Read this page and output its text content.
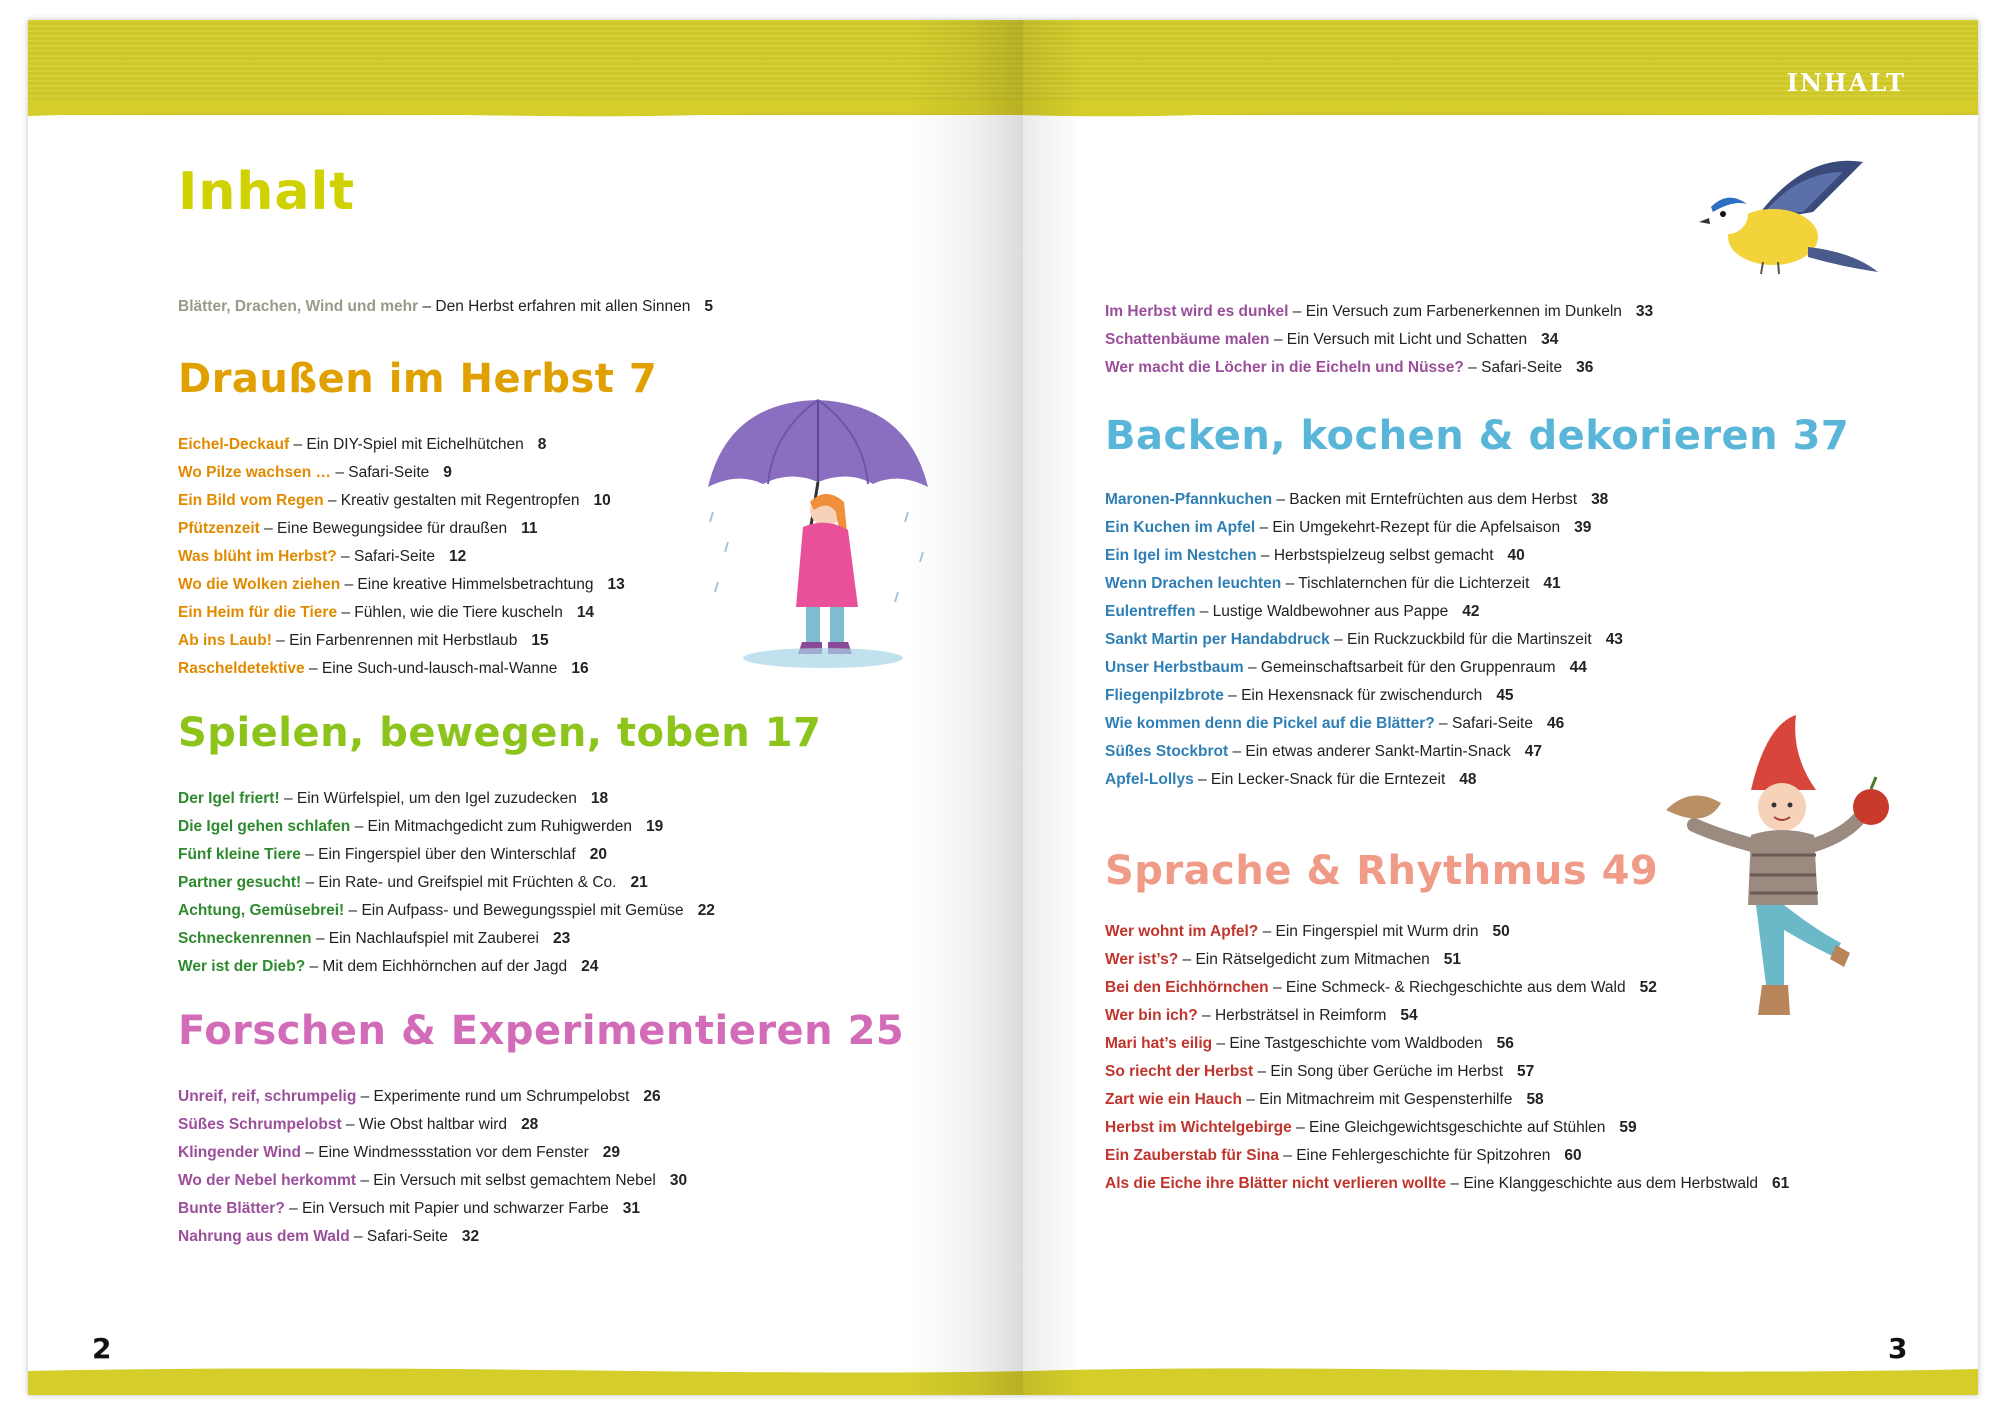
INHALT
Inhalt
Blätter, Drachen, Wind und mehr – Den Herbst erfahren mit allen Sinnen 5
Draußen im Herbst 7
Eichel-Deckauf – Ein DIY-Spiel mit Eichelhütchen 8
Wo Pilze wachsen … – Safari-Seite 9
Ein Bild vom Regen – Kreativ gestalten mit Regentropfen 10
Pfützenzeit – Eine Bewegungsidee für draußen 11
Was blüht im Herbst? – Safari-Seite 12
Wo die Wolken ziehen – Eine kreative Himmelsbetrachtung 13
Ein Heim für die Tiere – Fühlen, wie die Tiere kuscheln 14
Ab ins Laub! – Ein Farbenrennen mit Herbstlaub 15
Rascheldetektive – Eine Such-und-lausch-mal-Wanne 16
Spielen, bewegen, toben 17
Der Igel friert! – Ein Würfelspiel, um den Igel zuzudecken 18
Die Igel gehen schlafen – Ein Mitmachgedicht zum Ruhigwerden 19
Fünf kleine Tiere – Ein Fingerspiel über den Winterschlaf 20
Partner gesucht! – Ein Rate- und Greifspiel mit Früchten & Co. 21
Achtung, Gemüsebrei! – Ein Aufpass- und Bewegungsspiel mit Gemüse 22
Schneckenrennen – Ein Nachlaufspiel mit Zauberei 23
Wer ist der Dieb? – Mit dem Eichhörnchen auf der Jagd 24
Forschen & Experimentieren 25
Unreif, reif, schrumpelig – Experimente rund um Schrumpelobst 26
Süßes Schrumpelobst – Wie Obst haltbar wird 28
Klingender Wind – Eine Windmessstation vor dem Fenster 29
Wo der Nebel herkommt – Ein Versuch mit selbst gemachtem Nebel 30
Bunte Blätter? – Ein Versuch mit Papier und schwarzer Farbe 31
Nahrung aus dem Wald – Safari-Seite 32
Im Herbst wird es dunkel – Ein Versuch zum Farbenerkennen im Dunkeln 33
Schattenbäume malen – Ein Versuch mit Licht und Schatten 34
Wer macht die Löcher in die Eicheln und Nüsse? – Safari-Seite 36
Backen, kochen & dekorieren 37
Maronen-Pfannkuchen – Backen mit Erntefrüchten aus dem Herbst 38
Ein Kuchen im Apfel – Ein Umgekehrt-Rezept für die Apfelsaison 39
Ein Igel im Nestchen – Herbstspielzeug selbst gemacht 40
Wenn Drachen leuchten – Tischlaternchen für die Lichterzeit 41
Eulentreffen – Lustige Waldbewohner aus Pappe 42
Sankt Martin per Handabdruck – Ein Ruckzuckbild für die Martinszeit 43
Unser Herbstbaum – Gemeinschaftsarbeit für den Gruppenraum 44
Fliegenpilzbrote – Ein Hexensnack für zwischendurch 45
Wie kommen denn die Pickel auf die Blätter? – Safari-Seite 46
Süßes Stockbrot – Ein etwas anderer Sankt-Martin-Snack 47
Apfel-Lollys – Ein Lecker-Snack für die Erntezeit 48
Sprache & Rhythmus 49
Wer wohnt im Apfel? – Ein Fingerspiel mit Wurm drin 50
Wer ist’s? – Ein Rätselgedicht zum Mitmachen 51
Bei den Eichhörnchen – Eine Schmeck- & Riechgeschichte aus dem Wald 52
Wer bin ich? – Herbsträtsel in Reimform 54
Mari hat’s eilig – Eine Tastgeschichte vom Waldboden 56
So riecht der Herbst – Ein Song über Gerüche im Herbst 57
Zart wie ein Hauch – Ein Mitmachreim mit Gespensterhilfe 58
Herbst im Wichtelgebirge – Eine Gleichgewichtsgeschichte auf Stühlen 59
Ein Zauberstab für Sina – Eine Fehlergeschichte für Spitzohren 60
Als die Eiche ihre Blätter nicht verlieren wollte – Eine Klanggeschichte aus dem Herbstwald 61
2	3
